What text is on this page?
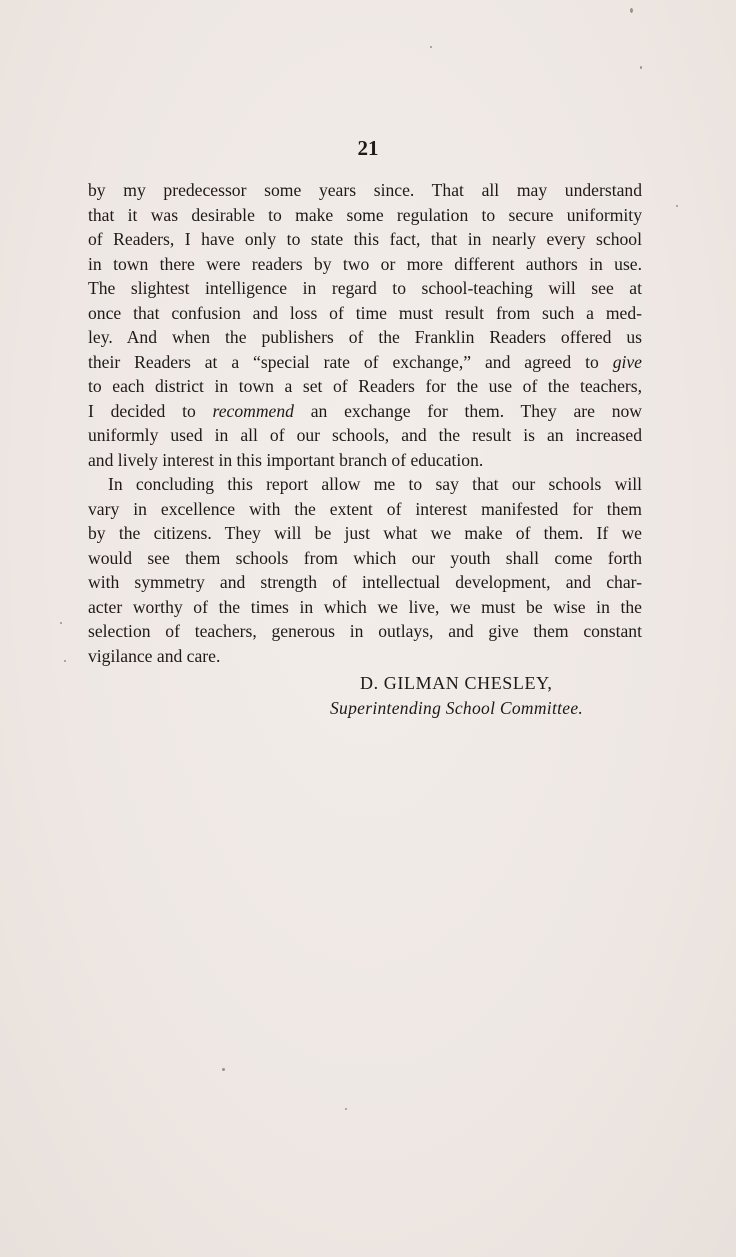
21
by my predecessor some years since. That all may understand
that it was desirable to make some regulation to secure uniformity
of Readers, I have only to state this fact, that in nearly every school
in town there were readers by two or more different authors in use.
The slightest intelligence in regard to school-teaching will see at
once that confusion and loss of time must result from such a med-
ley. And when the publishers of the Franklin Readers offered us
their Readers at a “special rate of exchange,” and agreed to give
to each district in town a set of Readers for the use of the teachers,
I decided to recommend an exchange for them. They are now
uniformly used in all of our schools, and the result is an increased
and lively interest in this important branch of education.
In concluding this report allow me to say that our schools will
vary in excellence with the extent of interest manifested for them
by the citizens. They will be just what we make of them. If we
would see them schools from which our youth shall come forth
with symmetry and strength of intellectual development, and char-
acter worthy of the times in which we live, we must be wise in the
selection of teachers, generous in outlays, and give them constant
vigilance and care.
D. GILMAN CHESLEY,
Superintending School Committee.
